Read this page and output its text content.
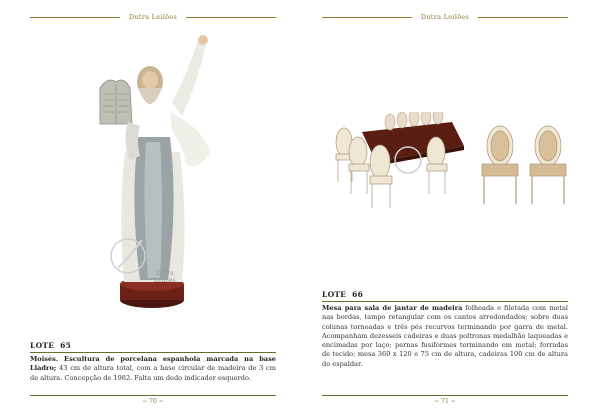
Dutra Leilões
Dutra
Leilões
LOTE 65
Moisés. Escultura de porcelana espanhola marcada na base Lladro; 43 cm de altura total, com a base circular de madeira de 3 cm de altura. Concepção de 1982. Falta um dedo indicador esquerdo.
~ 70 ~
Dutra Leilões
LOTE 66
Mesa para sala de jantar de madeira folheada e filetada com metal nas bordas, tampo retangular com os cantos arredondados; sobre duas colunas torneadas e três pés recurvos terminando por garra de metal. Acompanham dezesseis cadeiras e duas poltronas medalhão laqueadas e encimadas por laço; pernas fusiformes terminando em metal; forradas de tecido; mesa 360 x 120 e 75 cm de altura, cadeiras 100 cm de altura do espaldar.
~ 71 ~
